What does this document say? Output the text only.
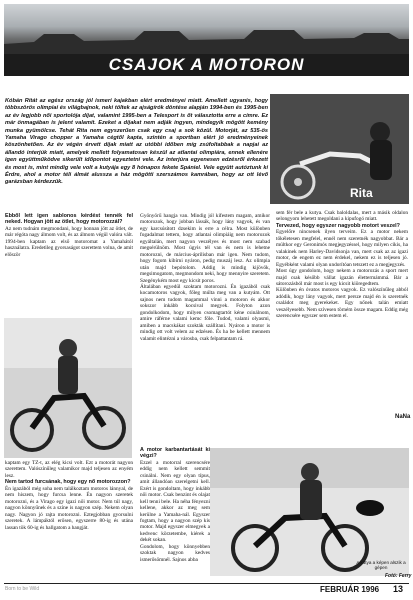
CSAJOK A MOTORON

Kóbán Ritát az egész ország jól ismeri kajakban elért eredményei miatt. Amellett ugyanis, hogy többszörös olimpiai és világbajnok, neki töltek az ajságírók döntése alapján 1994-ben és 1995-ben az év legjobb női sportolója díjat, valamint 1995-ben a Telesport is őt választotta erre a címre. Ez már önmagában is jelent valamit. Ezeket a díjakat nem adják ingyen, mindegyik mögött kemény munka gyümölcse. Tehát Rita nem egyszerűen csak egy csaj a sok közül. Motorját, az 535-ös Yamaha Virago chopper a Yamaha cégtől kapta, szintén a sportban elért jó eredményeinek köszönhetően. Az év végén érvett díjak miatt az utóbbi időben míg zsúfoltabbak a napjai az állandó interjúk miatt, amelyek mellett folyamatosan készül az atlantai olimpiára, ennek ellenére igen együttműködve sikerült időpontot egyeztetni vele. Az interjúra egyenesen edzésről érkezett és most is, mint mindig vele volt a kutyája egy 8 hónapos fekete Spániel. Vele együtt autóztunk ki Érdre, ahol a motor téli álmát alussza a ház mögötti szerszámos kamrában, hogy az ott lévő garázsban kérdezzük.

Rita

Ebből lett igen sablonos kérdést tennék fel neked. Hogyan jött az ötlet, hogy motorozzál?

Az nem tudnám megmondani, hogy honnan jött az ötlet, de már régóta nagy álmom volt, és az álmom végül valóra vált. 1994-ben kaptam az első motoromat a Yamahától használatra. Eredetileg gyorsaságot szerettem volna, de amit először

kaptam egy TZ-t, az elég kicsi volt. Ezt a motorát nagyon szerettem. Valószínűleg valamikor majd teljesen az enyém lesz.

Nem tartod furcsának, hogy egy nő motorozzon?

Én igazából még soha nem találkoztam motoros lánnyal, de nem hiszem, hogy furcsa lenne. Én nagyon szeretek motorozni, és a Virago egy igazi női motor. Nem túl nagy, nagyon könnyűnek és a színe is nagyon szép. Nekem olyan nagy. Nagyon jó rajta motorozni. Eztegjobban gyorsulni szeretek. A lámpáktól erősen, egyszerre 80-ig és utána lassan tök 60-ig és hallgatom a hangját.

Gyönyörű hangja van. Mindig jól kifestem magam, amikor motorozok, hogy jobban lássák, hogy lány vagyok, és van egy karcsúsított dzsekim is erre a célra. Most különben fogadalmat tettem, hogy atlantai olimpiáig nem motorozok egyáltalán, mert nagyon veszélyes és most nem szabad megsérülnöm. Most úgyis tél van és nem is lehetne motorozni, de március-áprilisban már igen. Nem tudom, hogy fogom kibírni nyáron, pedig muszáj lesz. Az olimpia után majd bepótolom. Addig is mindig kijövök, megsimogatom, megmondom neki, hogy mennyire szeretem. Szegénykém most egy kicsit poros.

Általában egyedül szoktam motorozni. Én igazából csak kocamotoros vagyok, főleg múlta meg van a kutyám. Ott sajnos nem tudom magammal vinni a motoron és akkor sokszor inkább kocsival megyek. Folyton azon gondolkodom, hogy milyen csomagtartót kéne csinálnom, amire ráférne valami kemc föle. Tudod, valami olyasmi, amiben a macskákat szokták szállítani. Nyáron a motor is mindig ott volt velem az edzésen. És ha be kellett mennem valamit elintézni a városba, csak felpattantam rá.

A motor karbantartását ki végzi?

Ezzel a motorral szerencsére eddig nem kellett semmit csinálni. Nem egy olyan típus, amit állandóan szerelgetni kell. Ezért is gondoltam, hogy inkább női motor. Csak benzint és olajat kell tenni bele. Ha néha fényezni kellene, akkor az meg sem kerülne a Yamaha-nál. Egyszer fogtam, hogy a nagyon szép kis motor. Majd egyszer elmegyek a kedvenc körzetembe, kiérek a dekét sokan.

Gondolom, hogy könnyebben szoktak nagyon kedves ismerősömnél. Sajnos abba

sem fér bele a kutya. Csak baloldalas, mert a másik oldalon selongyom lehetett megoldani a kipufogó miatt.

Tervezed, hogy egyszer nagyobb motort veszel?

Egyelőre nincsenek ilyen terveim. Ez a motor nekem tökéletesen megfelel, ennél nem szeretnék nagyobbat. Bár a múltkor egy Geronimós megjegyzéssel, hogy milyen cikis, ha valakinek nem Harley-Davidsonja van, mert csak az az igazi motor, de engem ez nem érdekel, nekem ez is teljesen jó. Egyébként valami olyan undorítóan tetszett ez a megjegyzés.

Most úgy gondolom, hogy nekem a motorozás a sport mert majd csak később vállat igazán élettermámmá. Bár a sátorozásból már most is egy kicsit kiöregedtem.

Különben én óvatos motoros vagyok. Ez valószínűleg abból adódik, hogy lány vagyok, mert persze majd én is szeretnék családot meg gyerekeket. Egy nőnek talán emiatt veszélyesebb. Nem szívesen törném össze magam. Eddig még szerencsére egyszer sem estem el.

NaNa
A kutya a képen alszik a gépen
Fotó: Ferry
Born to be Wild	FEBRUÁR 1996 13
